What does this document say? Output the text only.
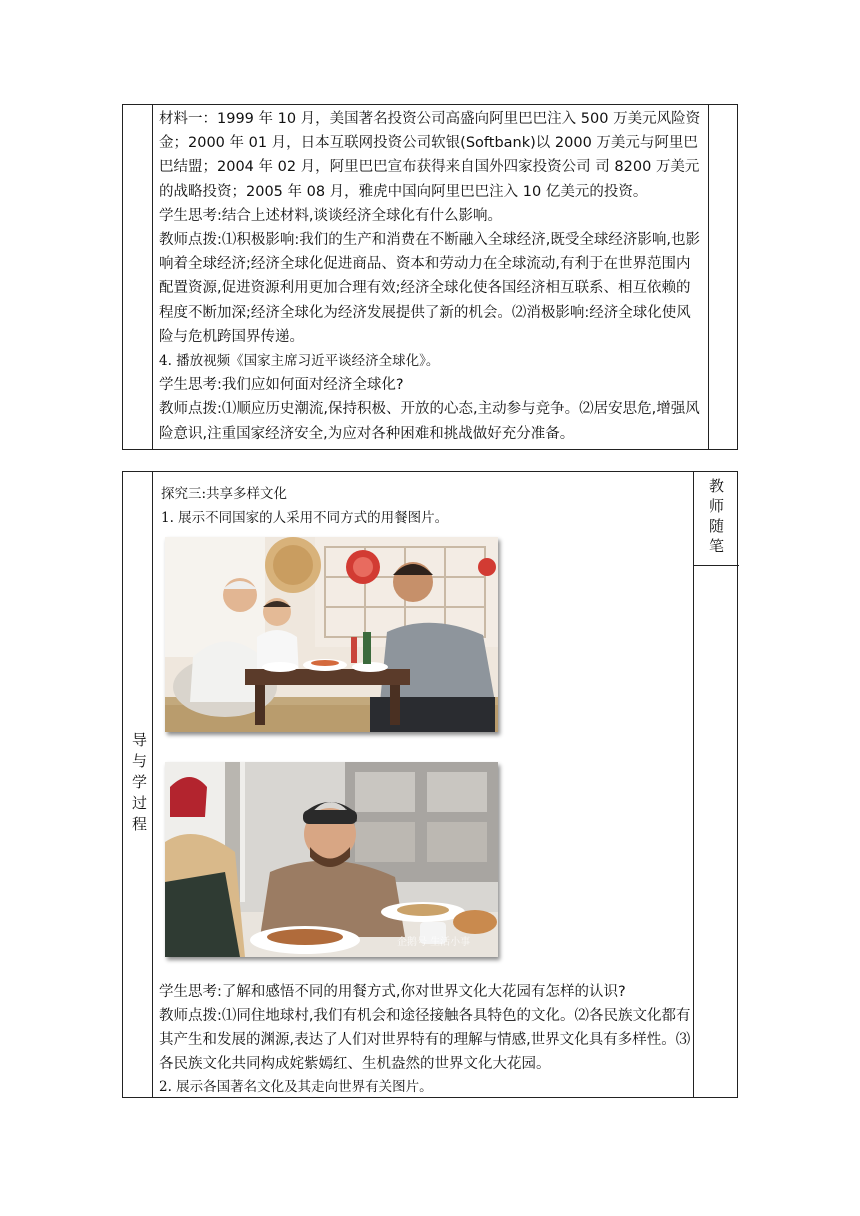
材料一：1999 年 10 月，美国著名投资公司高盛向阿里巴巴注入 500 万美元风险资金；2000 年 01 月，日本互联网投资公司软银(Softbank)以 2000 万美元与阿里巴巴结盟；2004 年 02 月，阿里巴巴宣布获得来自国外四家投资公司 司 8200 万美元的战略投资；2005 年 08 月，雅虎中国向阿里巴巴注入 10 亿美元的投资。

学生思考:结合上述材料,谈谈经济全球化有什么影响。

教师点拨:⑴积极影响:我们的生产和消费在不断融入全球经济,既受全球经济影响,也影响着全球经济;经济全球化促进商品、资本和劳动力在全球流动,有利于在世界范围内配置资源,促进资源利用更加合理有效;经济全球化使各国经济相互联系、相互依赖的程度不断加深;经济全球化为经济发展提供了新的机会。⑵消极影响:经济全球化使风险与危机跨国界传递。

4. 播放视频《国家主席习近平谈经济全球化》。

学生思考:我们应如何面对经济全球化?

教师点拨:⑴顺应历史潮流,保持积极、开放的心态,主动参与竞争。⑵居安思危,增强风险意识,注重国家经济安全,为应对各种困难和挑战做好充分准备。

导与学过程
教师随笔
探究三:共享多样文化
1. 展示不同国家的人采用不同方式的用餐图片。
企鹅号 生活小事
学生思考:了解和感悟不同的用餐方式,你对世界文化大花园有怎样的认识?
教师点拨:⑴同住地球村,我们有机会和途径接触各具特色的文化。⑵各民族文化都有其产生和发展的渊源,表达了人们对世界特有的理解与情感,世界文化具有多样性。⑶各民族文化共同构成姹紫嫣红、生机盎然的世界文化大花园。
2. 展示各国著名文化及其走向世界有关图片。
